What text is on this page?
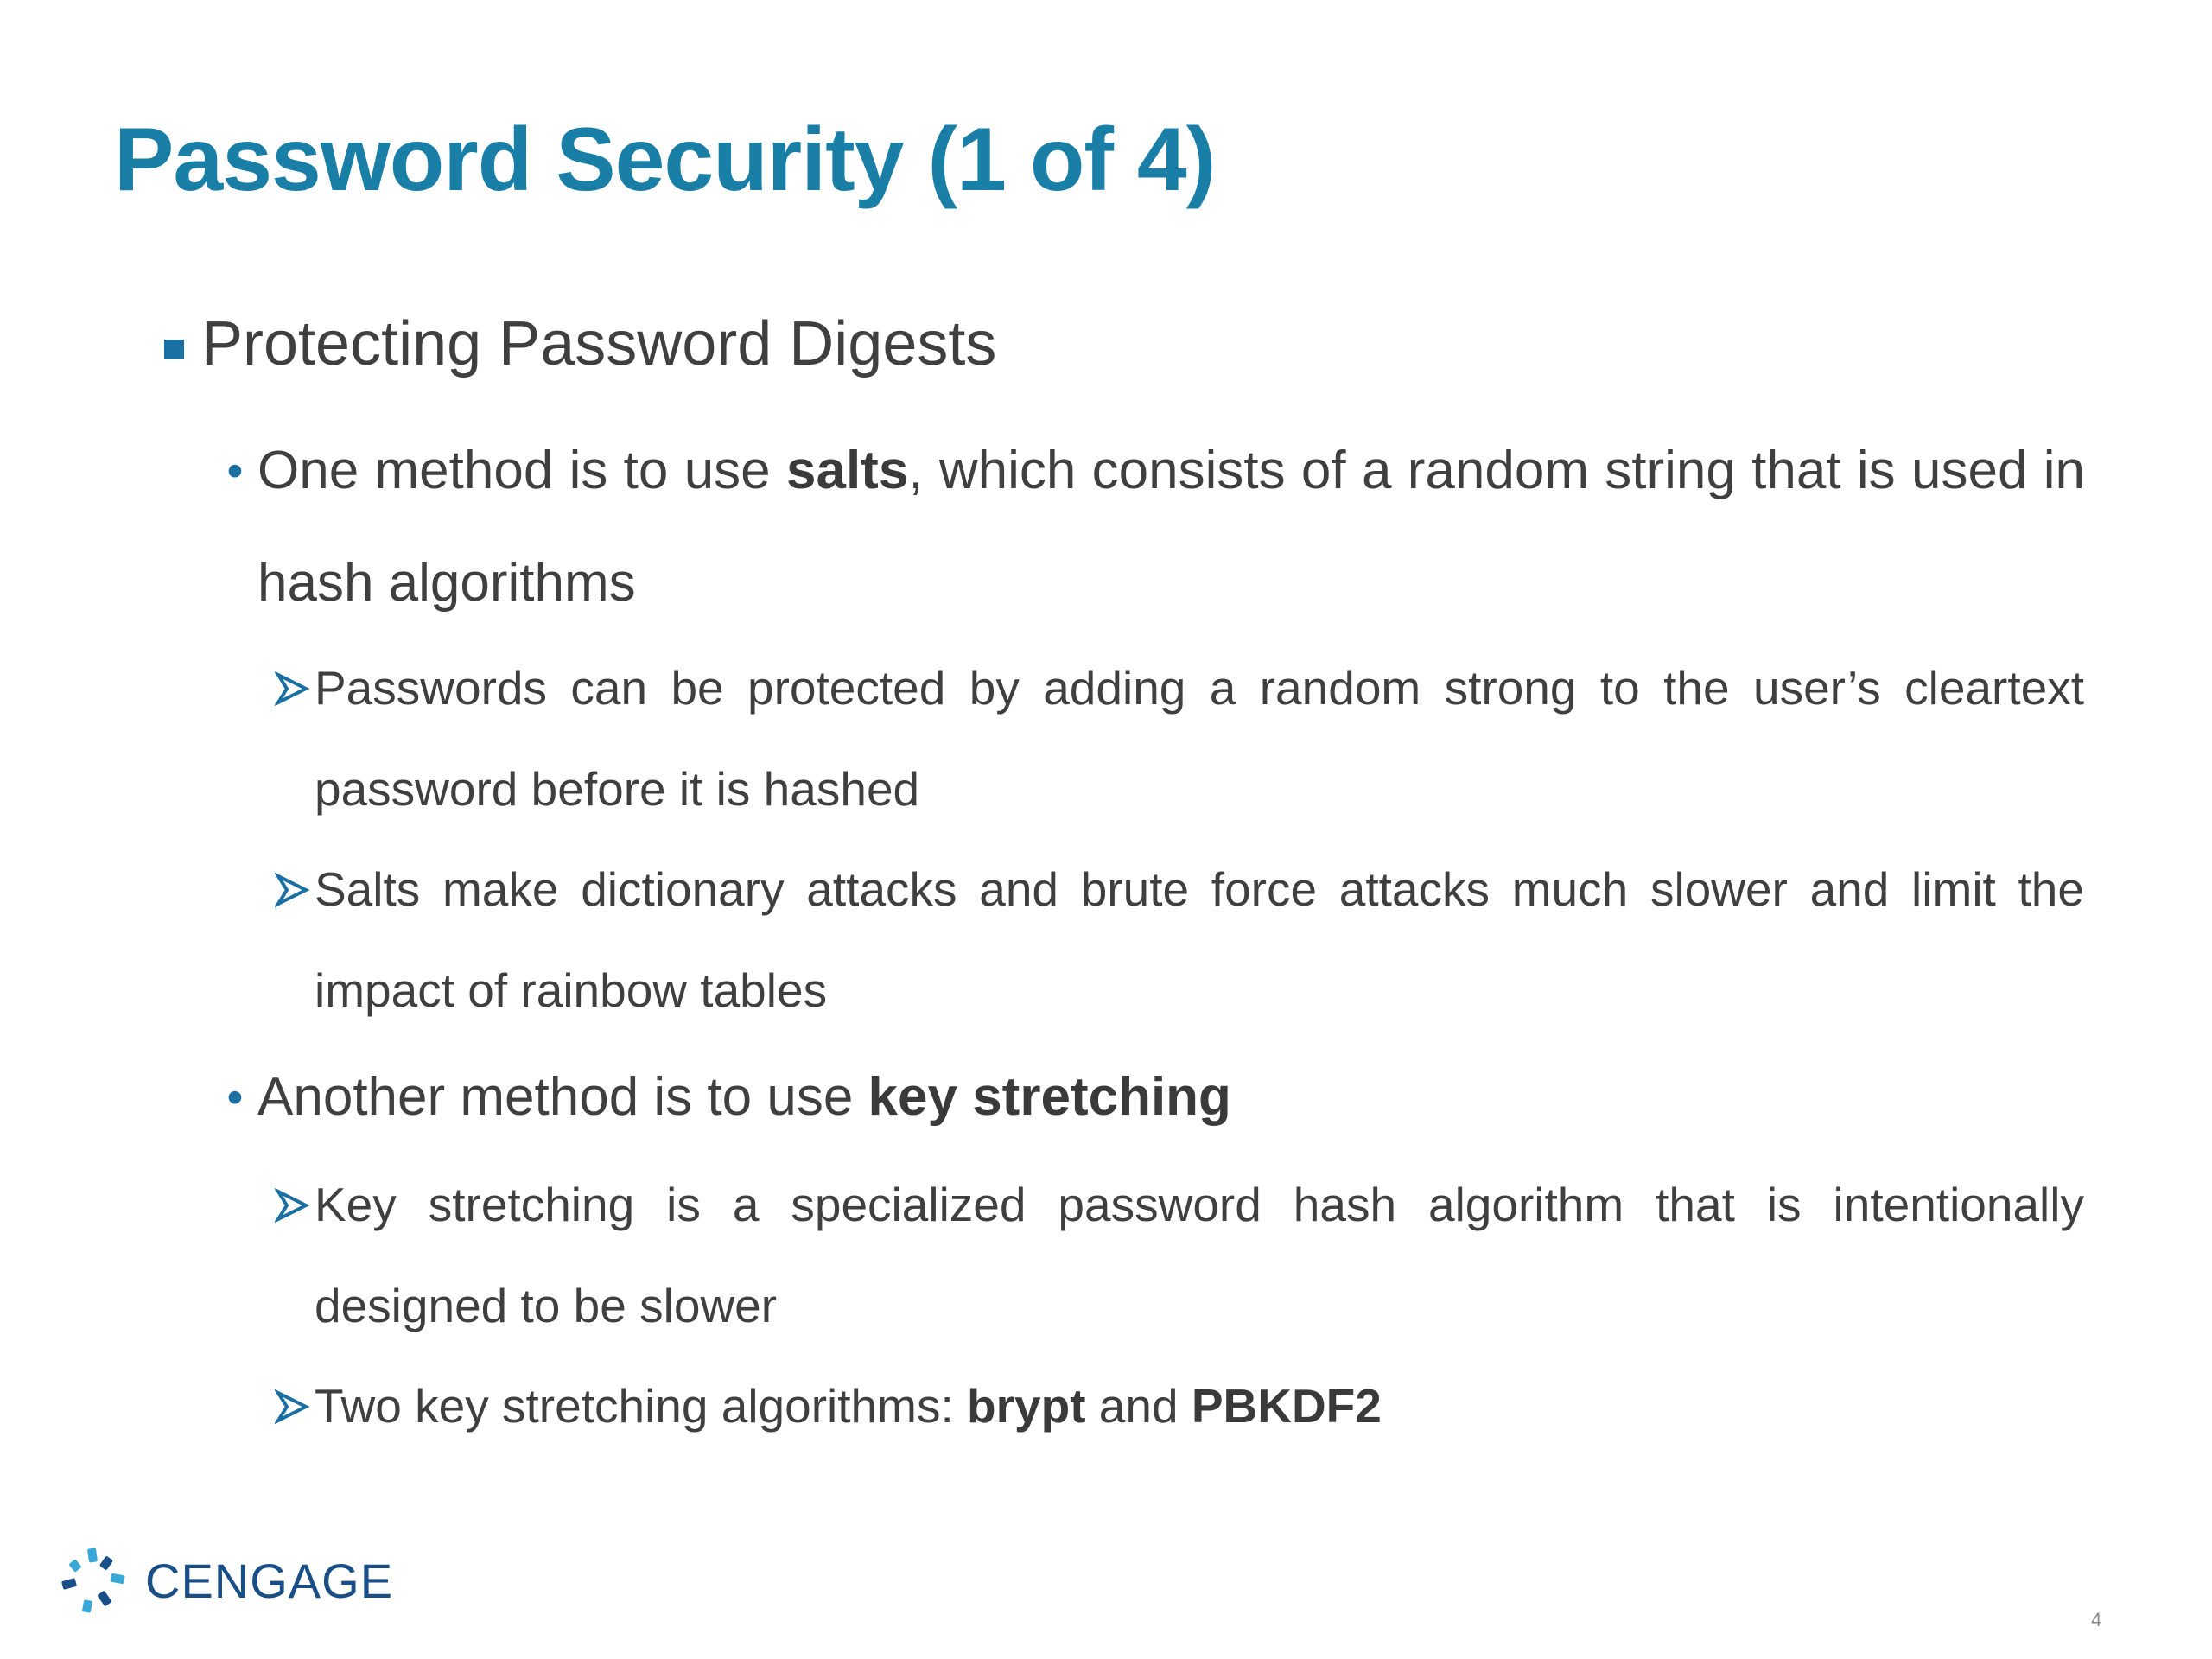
Password Security (1 of 4)
Protecting Password Digests
• One method is to use salts, which consists of a random string that is used in hash algorithms
Passwords can be protected by adding a random strong to the user’s cleartext password before it is hashed
Salts make dictionary attacks and brute force attacks much slower and limit the impact of rainbow tables
• Another method is to use key stretching
Key stretching is a specialized password hash algorithm that is intentionally designed to be slower
Two key stretching algorithms: brypt and PBKDF2
CENGAGE
4
